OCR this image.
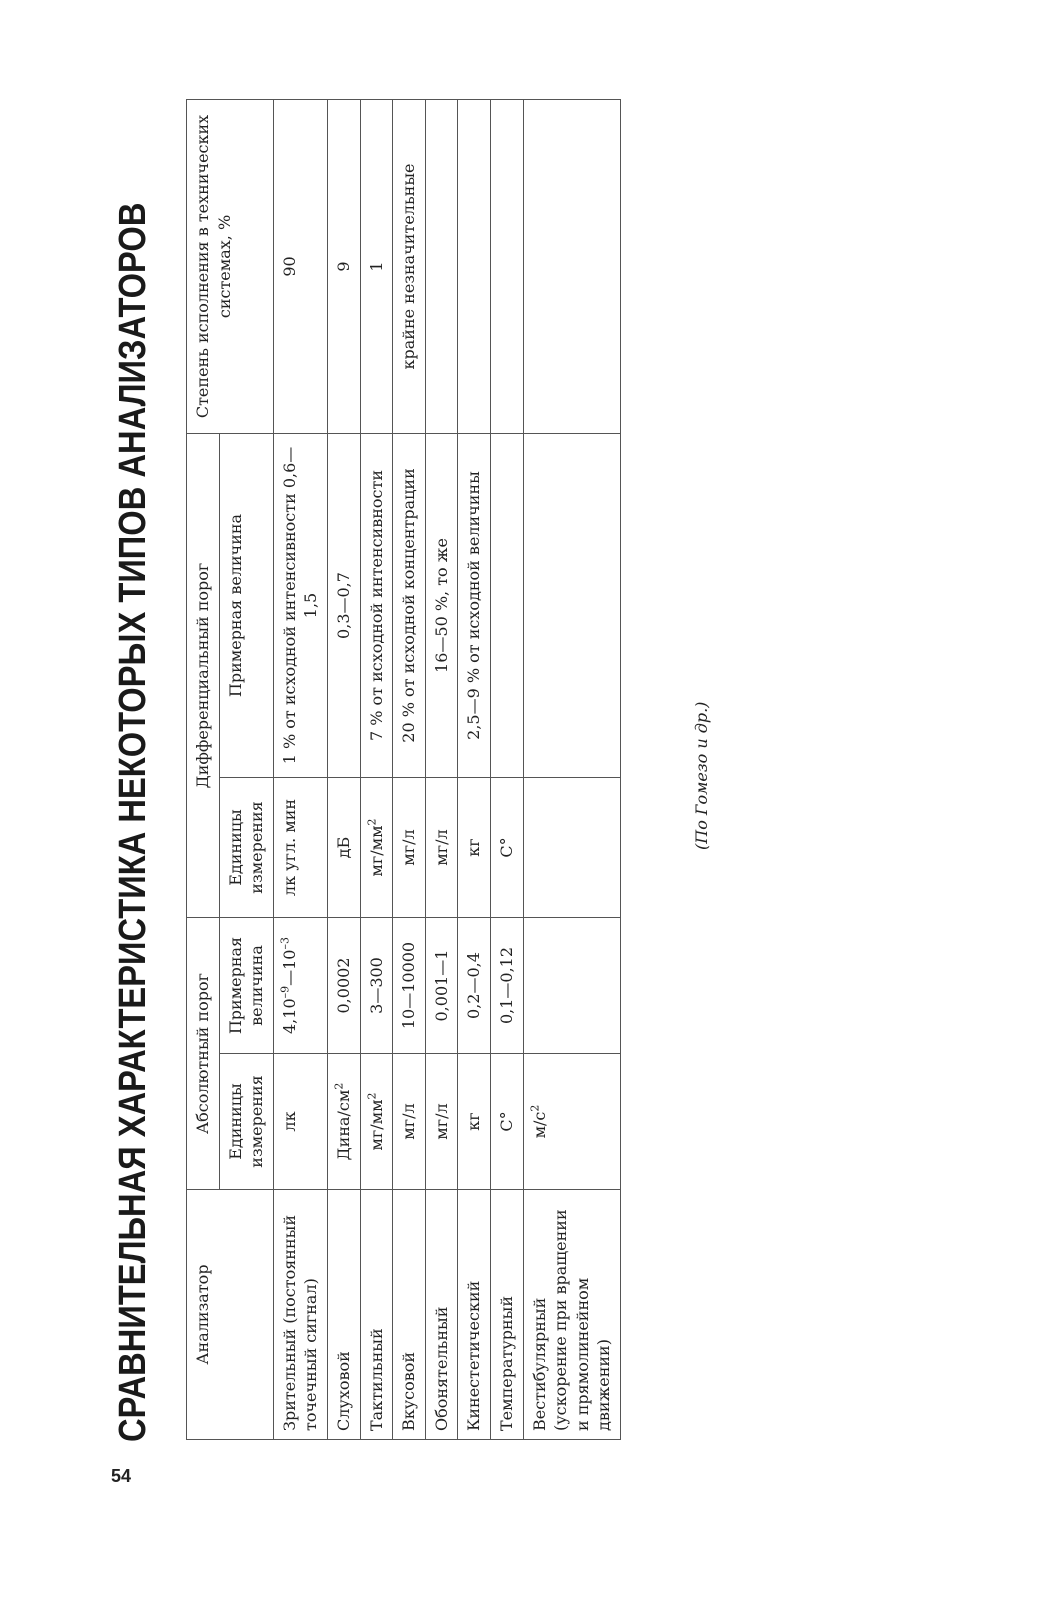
54
СРАВНИТЕЛЬНАЯ ХАРАКТЕРИСТИКА НЕКОТОРЫХ ТИПОВ АНАЛИЗАТОРОВ	Анализатор	Абсолютный порог		Дифференциальный порог		Степень исполнения в технических системах, %
	Единицы измерения	Примерная величина	Единицы измерения	Примерная величина	
Зрительный (постоянный точечный сигнал)	лк	$4,10^{-9}—10^{-3}$	лк угл. мин	1 % от исходной интенсивности 0,6—1,5	90
Слуховой	Дина/$см^2$	0,0002	дБ	0,3—0,7	9
Тактильный	$мг/мм^2$	3—300	$мг/мм^2$	7 % от исходной интенсивности	1
Вкусовой	мг/л	10—10000	мг/л	20 % от исходной концентрации	крайне незначительные
Обонятельный	мг/л	0,001—1	мг/л	16—50 %, то же	
Кинестетический	кг	0,2—0,4	кг	2,5—9 % от исходной величины	
Температурный	С°	0,1—0,12	С°		
Вестибулярный (ускорение при вращении и прямолинейном движении)	$м/с^2$				
(По Гомезо и др.)
